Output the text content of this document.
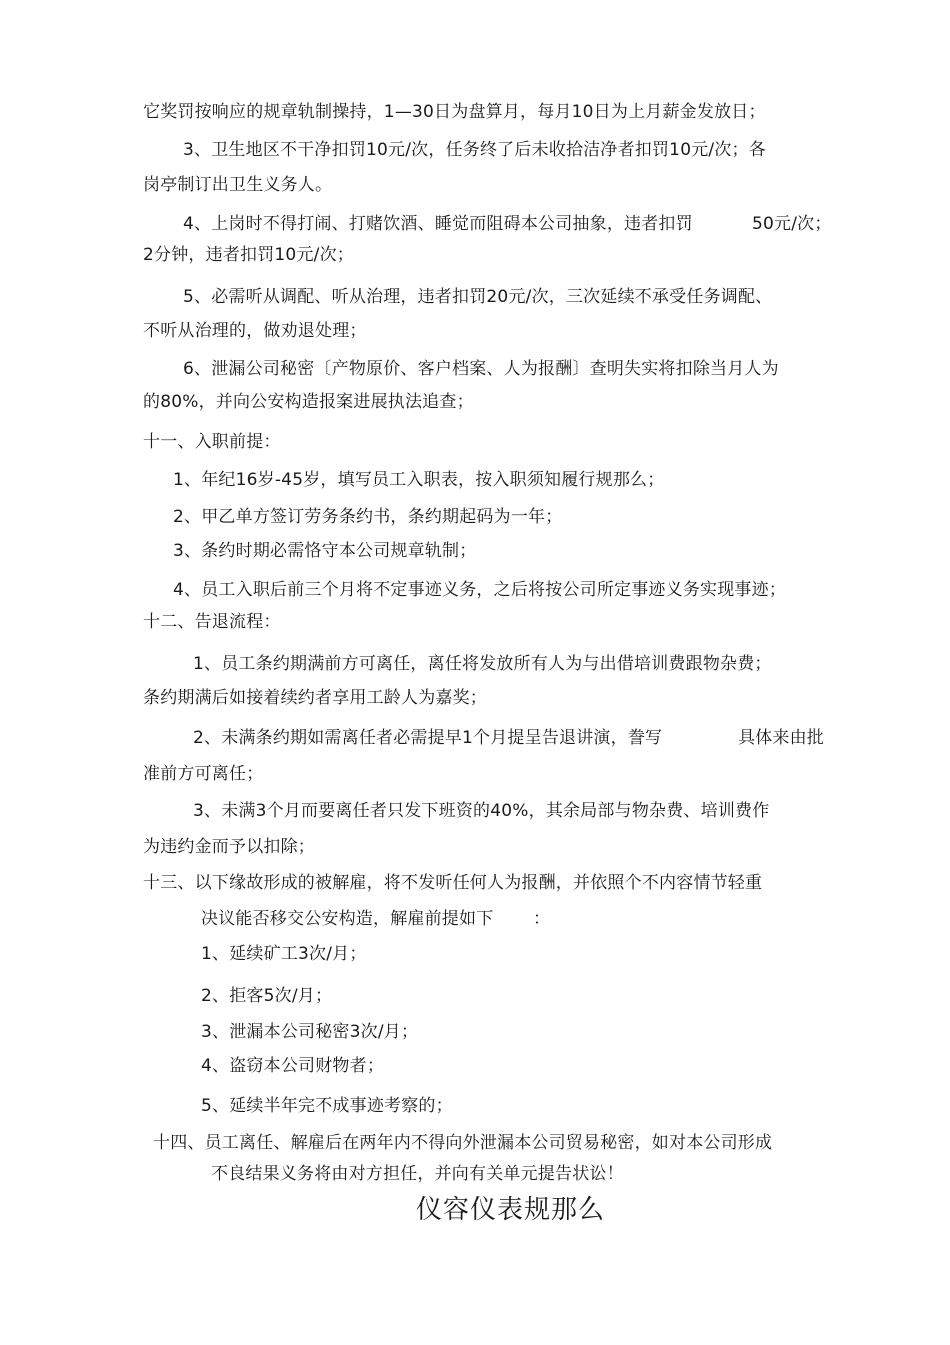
它奖罚按响应的规章轨制操持，1—30日为盘算月，每月10日为上月薪金发放日；
3、卫生地区不干净扣罚10元/次，任务终了后未收拾洁净者扣罚10元/次；各
岗亭制订出卫生义务人。
4、上岗时不得打闹、打赌饮酒、睡觉而阻碍本公司抽象，违者扣罚	50元/次；
2分钟，违者扣罚10元/次；
5、必需听从调配、听从治理，违者扣罚20元/次，三次延续不承受任务调配、
不听从治理的，做劝退处理；
6、泄漏公司秘密〔产物原价、客户档案、人为报酬〕查明失实将扣除当月人为
的80%，并向公安构造报案进展执法追查；
十一、入职前提：
1、年纪16岁-45岁，填写员工入职表，按入职须知履行规那么；
2、甲乙单方签订劳务条约书，条约期起码为一年；
3、条约时期必需恪守本公司规章轨制；
4、员工入职后前三个月将不定事迹义务，之后将按公司所定事迹义务实现事迹；
十二、告退流程：
1、员工条约期满前方可离任，离任将发放所有人为与出借培训费跟物杂费；
条约期满后如接着续约者享用工龄人为嘉奖；
2、未满条约期如需离任者必需提早1个月提呈告退讲演，誊写	具体来由批
准前方可离任；
3、未满3个月而要离任者只发下班资的40%，其余局部与物杂费、培训费作
为违约金而予以扣除；
十三、以下缘故形成的被解雇，将不发听任何人为报酬，并依照个不内容情节轻重
决议能否移交公安构造，解雇前提如下 ：
1、延续矿工3次/月；
2、拒客5次/月；
3、泄漏本公司秘密3次/月；
4、盗窃本公司财物者；
5、延续半年完不成事迹考察的；
十四、员工离任、解雇后在两年内不得向外泄漏本公司贸易秘密，如对本公司形成
不良结果义务将由对方担任，并向有关单元提告状讼！
仪容仪表规那么
